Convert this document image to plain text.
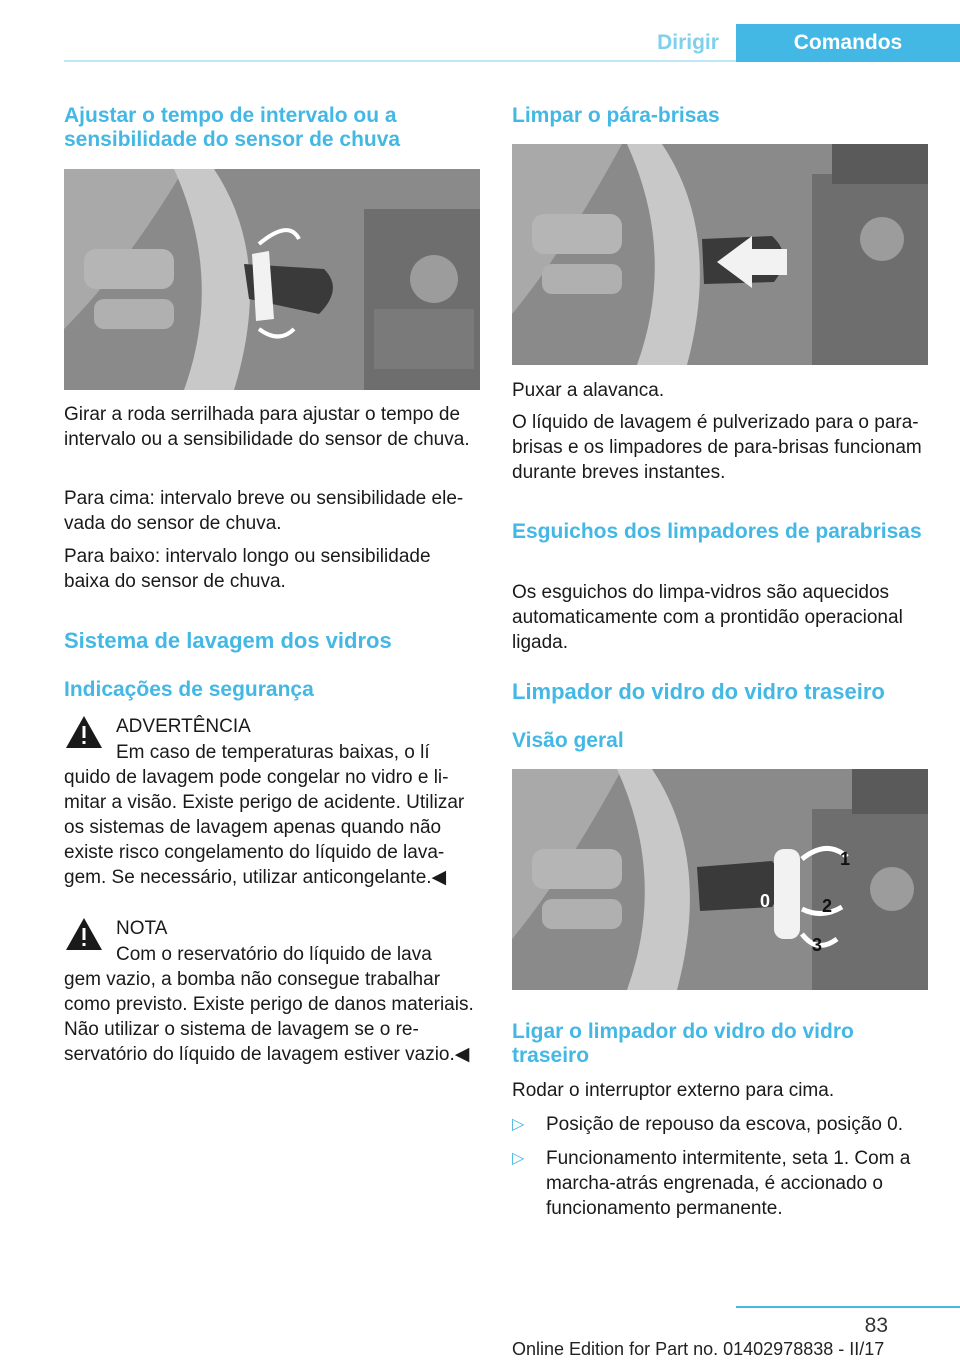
Dirigir	Comandos
Ajustar o tempo de intervalo ou a sensibilidade do sensor de chuva

Girar a roda serrilhada para ajustar o tempo de intervalo ou a sensibilidade do sensor de chuva.

Para cima: intervalo breve ou sensibilidade elevada do sensor de chuva.

Para baixo: intervalo longo ou sensibilidade baixa do sensor de chuva.

Sistema de lavagem dos vidros
Indicações de segurança
ADVERTÊNCIA
Em caso de temperaturas baixas, o lí
quido de lavagem pode congelar no vidro e limitar a visão. Existe perigo de acidente. Utilizar os sistemas de lavagem apenas quando não existe risco congelamento do líquido de lavagem. Se necessário, utilizar anticongelante.◀
NOTA
Com o reservatório do líquido de lava
gem vazio, a bomba não consegue trabalhar como previsto. Existe perigo de danos materiais. Não utilizar o sistema de lavagem se o reservatório do líquido de lavagem estiver vazio.◀
Limpar o pára-brisas

Puxar a alavanca.

O líquido de lavagem é pulverizado para o para-brisas e os limpadores de para-brisas funcionam durante breves instantes.

Esguichos dos limpadores de parabrisas

Os esguichos do limpa-vidros são aquecidos automaticamente com a prontidão operacional ligada.

Limpador do vidro do vidro traseiro
Visão geral
1
0	2
3
Ligar o limpador do vidro do vidro traseiro

Rodar o interruptor externo para cima.

▷ Posição de repouso da escova, posição 0.
▷ Funcionamento intermitente, seta 1. Com a marcha-atrás engrenada, é accionado o funcionamento permanente.
83
Online Edition for Part no. 01402978838 - II/17
